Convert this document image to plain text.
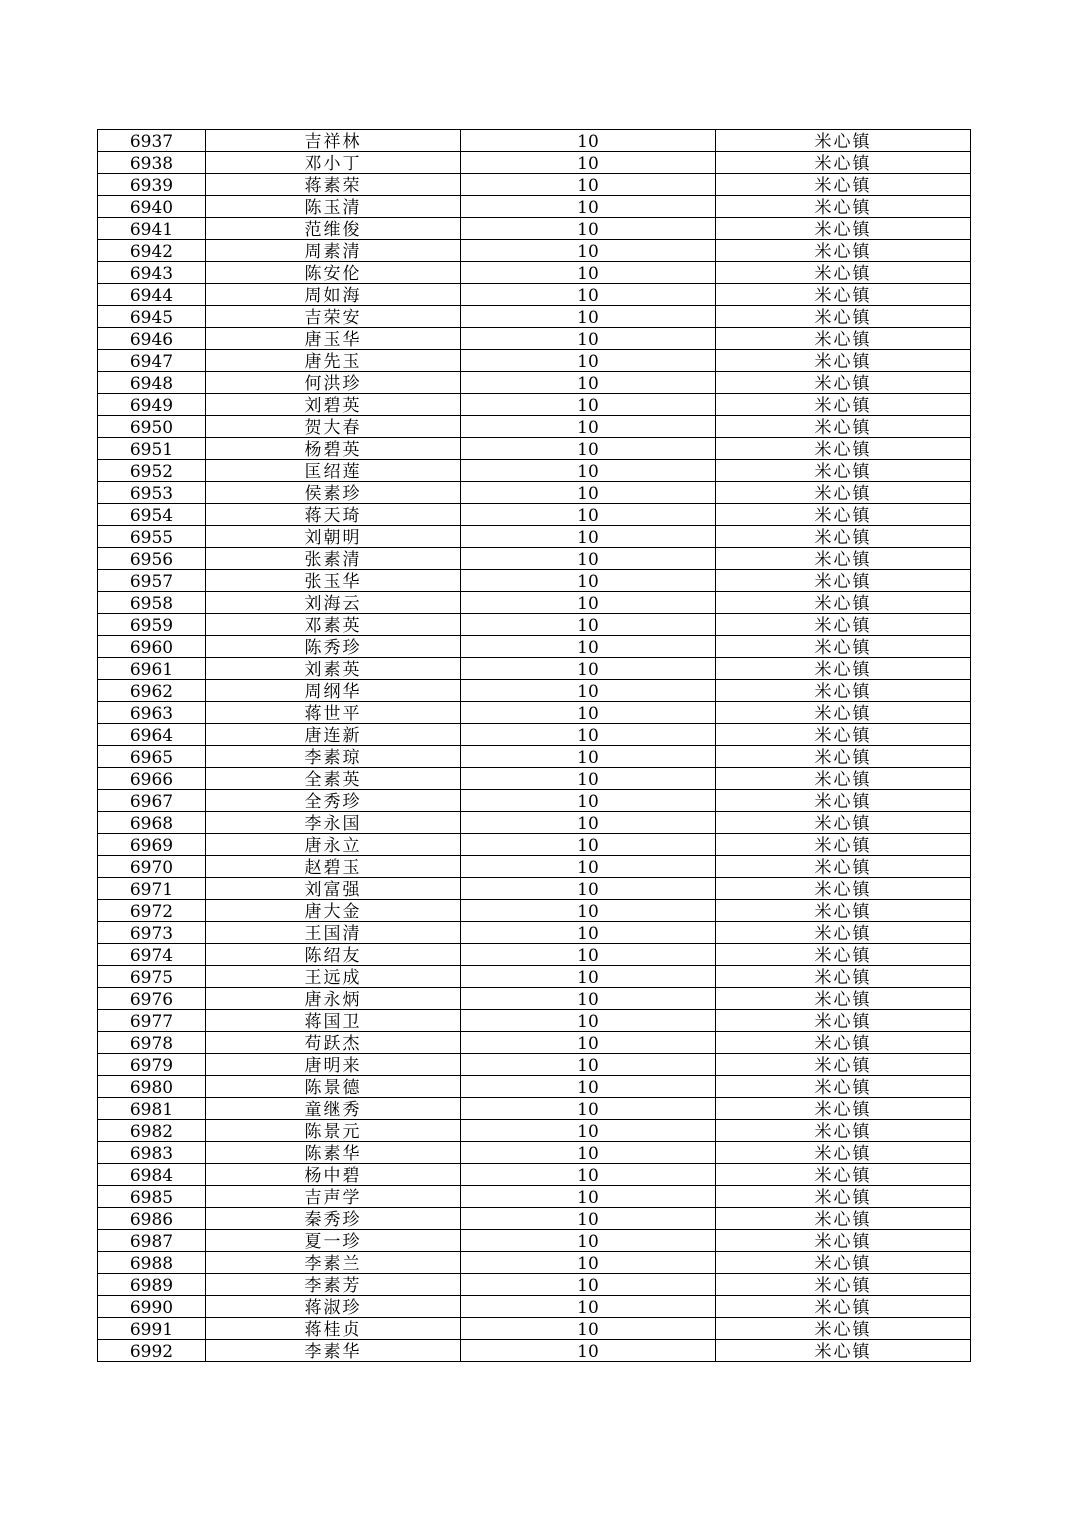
6937	吉祥林	10	米心镇
6938	邓小丁	10	米心镇
6939	蒋素荣	10	米心镇
6940	陈玉清	10	米心镇
6941	范维俊	10	米心镇
6942	周素清	10	米心镇
6943	陈安伦	10	米心镇
6944	周如海	10	米心镇
6945	吉荣安	10	米心镇
6946	唐玉华	10	米心镇
6947	唐先玉	10	米心镇
6948	何洪珍	10	米心镇
6949	刘碧英	10	米心镇
6950	贺大春	10	米心镇
6951	杨碧英	10	米心镇
6952	匡绍莲	10	米心镇
6953	侯素珍	10	米心镇
6954	蒋天琦	10	米心镇
6955	刘朝明	10	米心镇
6956	张素清	10	米心镇
6957	张玉华	10	米心镇
6958	刘海云	10	米心镇
6959	邓素英	10	米心镇
6960	陈秀珍	10	米心镇
6961	刘素英	10	米心镇
6962	周纲华	10	米心镇
6963	蒋世平	10	米心镇
6964	唐连新	10	米心镇
6965	李素琼	10	米心镇
6966	全素英	10	米心镇
6967	全秀珍	10	米心镇
6968	李永国	10	米心镇
6969	唐永立	10	米心镇
6970	赵碧玉	10	米心镇
6971	刘富强	10	米心镇
6972	唐大金	10	米心镇
6973	王国清	10	米心镇
6974	陈绍友	10	米心镇
6975	王远成	10	米心镇
6976	唐永炳	10	米心镇
6977	蒋国卫	10	米心镇
6978	苟跃杰	10	米心镇
6979	唐明来	10	米心镇
6980	陈景德	10	米心镇
6981	童继秀	10	米心镇
6982	陈景元	10	米心镇
6983	陈素华	10	米心镇
6984	杨中碧	10	米心镇
6985	吉声学	10	米心镇
6986	秦秀珍	10	米心镇
6987	夏一珍	10	米心镇
6988	李素兰	10	米心镇
6989	李素芳	10	米心镇
6990	蒋淑珍	10	米心镇
6991	蒋桂贞	10	米心镇
6992	李素华	10	米心镇
